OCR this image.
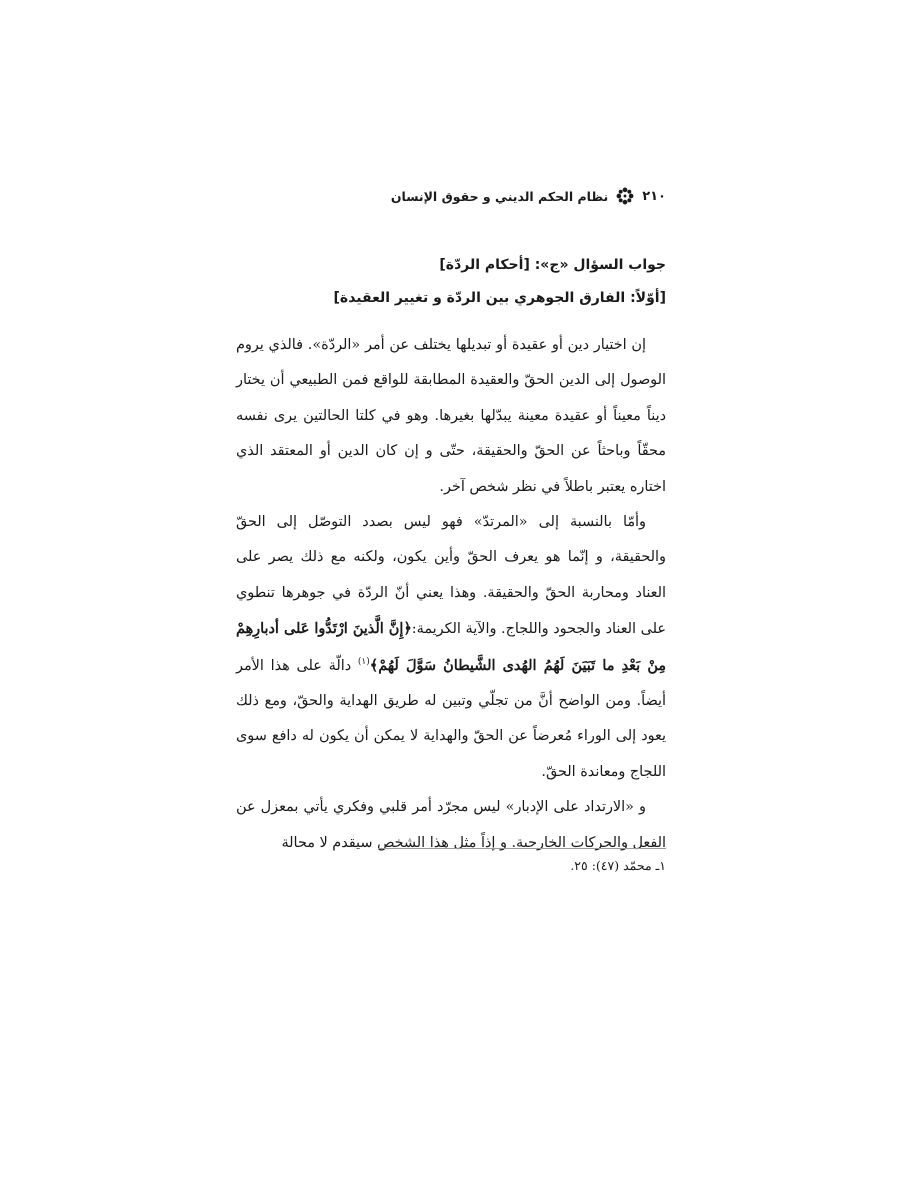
٢١٠
نظام الحكم الديني و حقوق الإنسان
جواب السؤال «ج»: [أحكام الردّة]
[أوّلاً: الفارق الجوهري بين الردّة و تغيير العقيدة]

إن اختيار دين أو عقيدة أو تبديلها يختلف عن أمر «الردّة». فالذي يروم الوصول إلى الدين الحقّ والعقيدة المطابقة للواقع فمن الطبيعي أن يختار ديناً معيناً أو عقيدة معينة يبدّلها بغيرها. وهو في كلتا الحالتين يرى نفسه محقّاً وباحثاً عن الحقّ والحقيقة، حتّى و إن كان الدين أو المعتقد الذي اختاره يعتبر باطلاً في نظر شخص آخر.

وأمّا بالنسبة إلى «المرتدّ» فهو ليس بصدد التوصّل إلى الحقّ والحقيقة، و إنّما هو يعرف الحقّ وأين يكون، ولكنه مع ذلك يصر على العناد ومحاربة الحقّ والحقيقة. وهذا يعني أنّ الردّة في جوهرها تنطوي على العناد والجحود واللجاج. والآية الكريمة:﴿إِنَّ الَّذينَ ارْتَدُّوا عَلى أدبارِهِمْ مِنْ بَعْدِ ما تَبَيَنَ لَهُمُ الهُدى الشَّيطانُ سَوَّلَ لَهُمْ﴾$^{(١)}$ دالّة على هذا الأمر أيضاً. ومن الواضح أنَّ من تجلّي وتبين له طريق الهداية والحقّ، ومع ذلك يعود إلى الوراء مُعرضاً عن الحقّ والهداية لا يمكن أن يكون له دافع سوى اللجاج ومعاندة الحقّ.

و «الارتداد على الإدبار» ليس مجرّد أمر قلبي وفكري يأتي بمعزل عن الفعل والحركات الخارجية. و إذاً مثل هذا الشخص سيقدم لا محالة

١ـ محمّد (٤٧): ٢٥.
